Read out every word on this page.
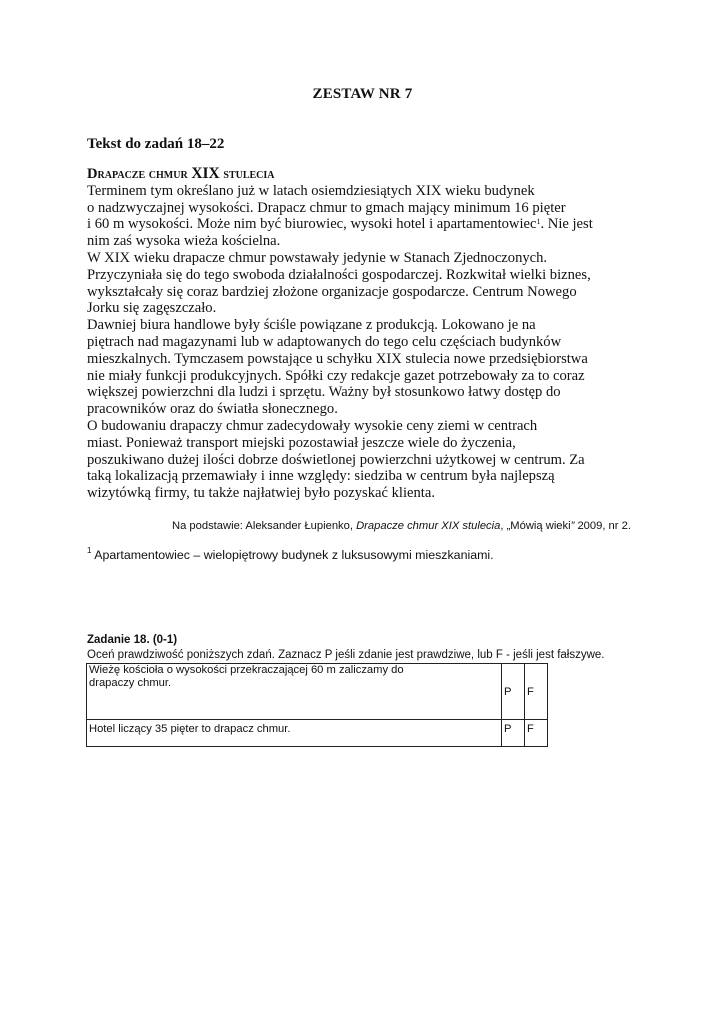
ZESTAW NR 7
Tekst do zadań 18–22
Drapacze chmur XIX stulecia

Terminem tym określano już w latach osiemdziesiątych XIX wieku budynek

o nadzwyczajnej wysokości. Drapacz chmur to gmach mający minimum 16 pięter

i 60 m wysokości. Może nim być biurowiec, wysoki hotel i apartamentowiec$^1$. Nie jest

nim zaś wysoka wieża kościelna.

W XIX wieku drapacze chmur powstawały jedynie w Stanach Zjednoczonych.

Przyczyniała się do tego swoboda działalności gospodarczej. Rozkwitał wielki biznes,

wykształcały się coraz bardziej złożone organizacje gospodarcze. Centrum Nowego

Jorku się zagęszczało.

Dawniej biura handlowe były ściśle powiązane z produkcją. Lokowano je na

piętrach nad magazynami lub w adaptowanych do tego celu częściach budynków

mieszkalnych. Tymczasem powstające u schyłku XIX stulecia nowe przedsiębiorstwa

nie miały funkcji produkcyjnych. Spółki czy redakcje gazet potrzebowały za to coraz

większej powierzchni dla ludzi i sprzętu. Ważny był stosunkowo łatwy dostęp do

pracowników oraz do światła słonecznego.

O budowaniu drapaczy chmur zadecydowały wysokie ceny ziemi w centrach

miast. Ponieważ transport miejski pozostawiał jeszcze wiele do życzenia,

poszukiwano dużej ilości dobrze doświetlonej powierzchni użytkowej w centrum. Za

taką lokalizacją przemawiały i inne względy: siedziba w centrum była najlepszą

wizytówką firmy, tu także najłatwiej było pozyskać klienta.

Na podstawie: Aleksander Łupienko, Drapacze chmur XIX stulecia, „Mówią wieki” 2009, nr 2.
$^1$ Apartamentowiec – wielopiętrowy budynek z luksusowymi mieszkaniami.
Zadanie 18. (0-1)
Oceń prawdziwość poniższych zdań. Zaznacz P jeśli zdanie jest prawdziwe, lub F - jeśli jest fałszywe.
Wieżę kościoła o wysokości przekraczającej 60 m zaliczamy do
drapaczy chmur.	P	F
Hotel liczący 35 pięter to drapacz chmur.	P	F
